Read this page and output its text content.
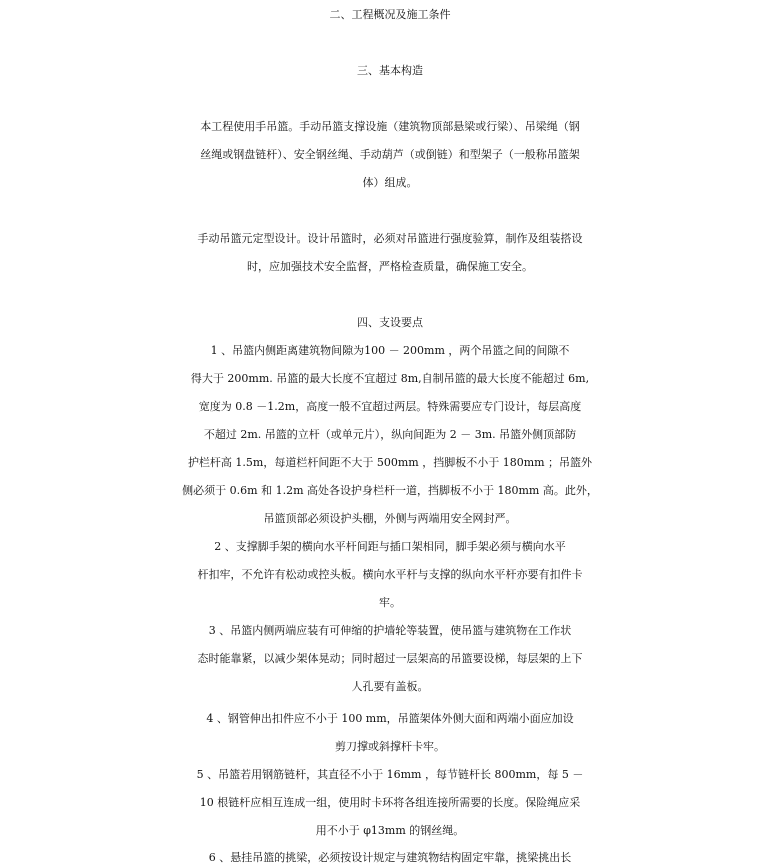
二、工程概况及施工条件
三、基本构造
本工程使用手吊篮。手动吊篮支撑设施（建筑物顶部悬梁或行梁）、吊梁绳（钢
丝绳或钢盘链杆）、安全钢丝绳、手动葫芦（或倒链）和型架子（一般称吊篮架
体）组成。
手动吊篮元定型设计。设计吊篮时，必须对吊篮进行强度验算，制作及组装搭设
时，应加强技术安全监督，严格检查质量，确保施工安全。
四、支设要点
1 、吊篮内侧距离建筑物间隙为100 － 200mm ，两个吊篮之间的间隙不
得大于 200mm. 吊篮的最大长度不宜超过 8m,自制吊篮的最大长度不能超过 6m,
宽度为 0.8 －1.2m，高度一般不宜超过两层。特殊需要应专门设计，每层高度
不超过 2m. 吊篮的立杆（或单元片），纵向间距为 2 － 3m. 吊篮外侧顶部防
护栏杆高 1.5m，每道栏杆间距不大于 500mm ，挡脚板不小于 180mm ；吊篮外
侧必须于 0.6m 和 1.2m 高处各设护身栏杆一道，挡脚板不小于 180mm 高。此外，
吊篮顶部必须设护头棚，外侧与两端用安全网封严。
2 、支撑脚手架的横向水平杆间距与插口架相同，脚手架必须与横向水平
杆扣牢，不允许有松动或控头板。横向水平杆与支撑的纵向水平杆亦要有扣件卡
牢。
3 、吊篮内侧两端应装有可伸缩的护墙轮等装置，使吊篮与建筑物在工作状
态时能靠紧，以减少架体晃动；同时超过一层架高的吊篮要设梯，每层架的上下
人孔要有盖板。
4 、钢管伸出扣件应不小于 100 mm，吊篮架体外侧大面和两端小面应加设
剪刀撑或斜撑杆卡牢。
5 、吊篮若用钢筋链杆，其直径不小于 16mm ，每节链杆长 800mm，每 5 －
10 根链杆应相互连成一组，使用时卡环将各组连接所需要的长度。保险绳应采
用不小于 φ13mm 的钢丝绳。
6 、悬挂吊篮的挑梁，必须按设计规定与建筑物结构固定牢靠，挑梁挑出长
